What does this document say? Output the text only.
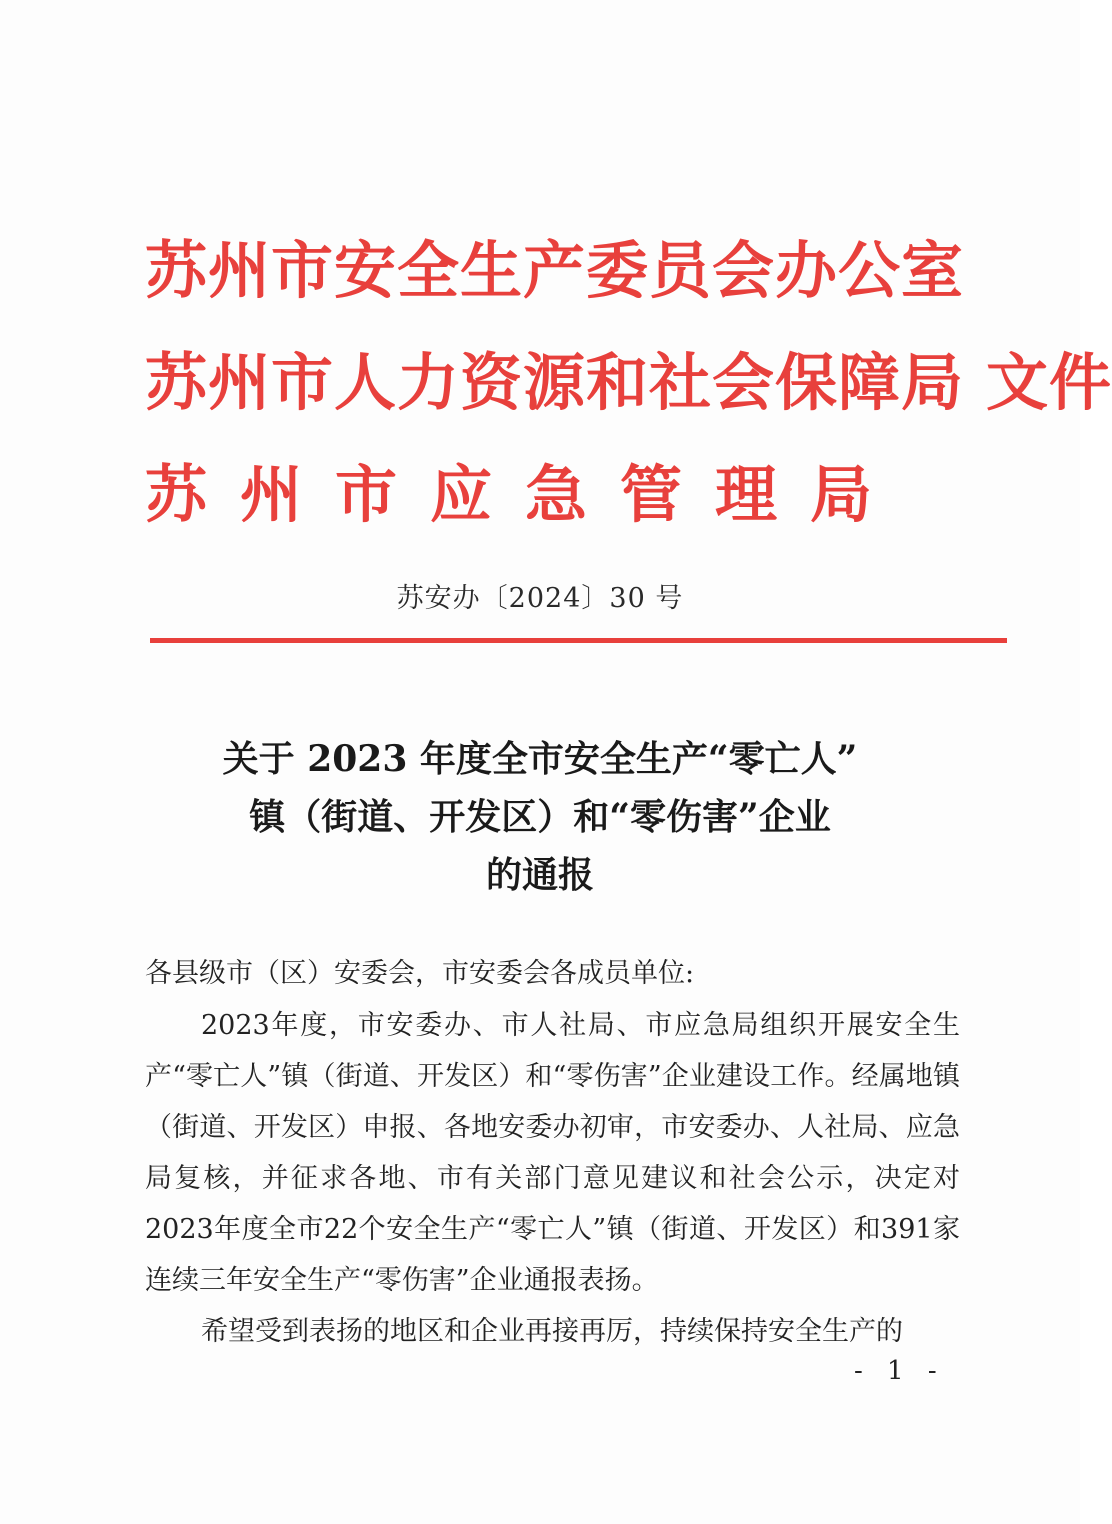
苏州市安全生产委员会办公室
苏州市人力资源和社会保障局 文件
苏州市应急管理局
苏安办〔2024〕30 号
关于 2023 年度全市安全生产“零亡人”
镇（街道、开发区）和“零伤害”企业
的通报
各县级市（区）安委会，市安委会各成员单位:

2023年度，市安委办、市人社局、市应急局组织开展安全生产“零亡人”镇（街道、开发区）和“零伤害”企业建设工作。经属地镇（街道、开发区）申报、各地安委办初审，市安委办、人社局、应急局复核，并征求各地、市有关部门意见建议和社会公示，决定对2023年度全市22个安全生产“零亡人”镇（街道、开发区）和391家连续三年安全生产“零伤害”企业通报表扬。

希望受到表扬的地区和企业再接再厉，持续保持安全生产的

- 1 -
